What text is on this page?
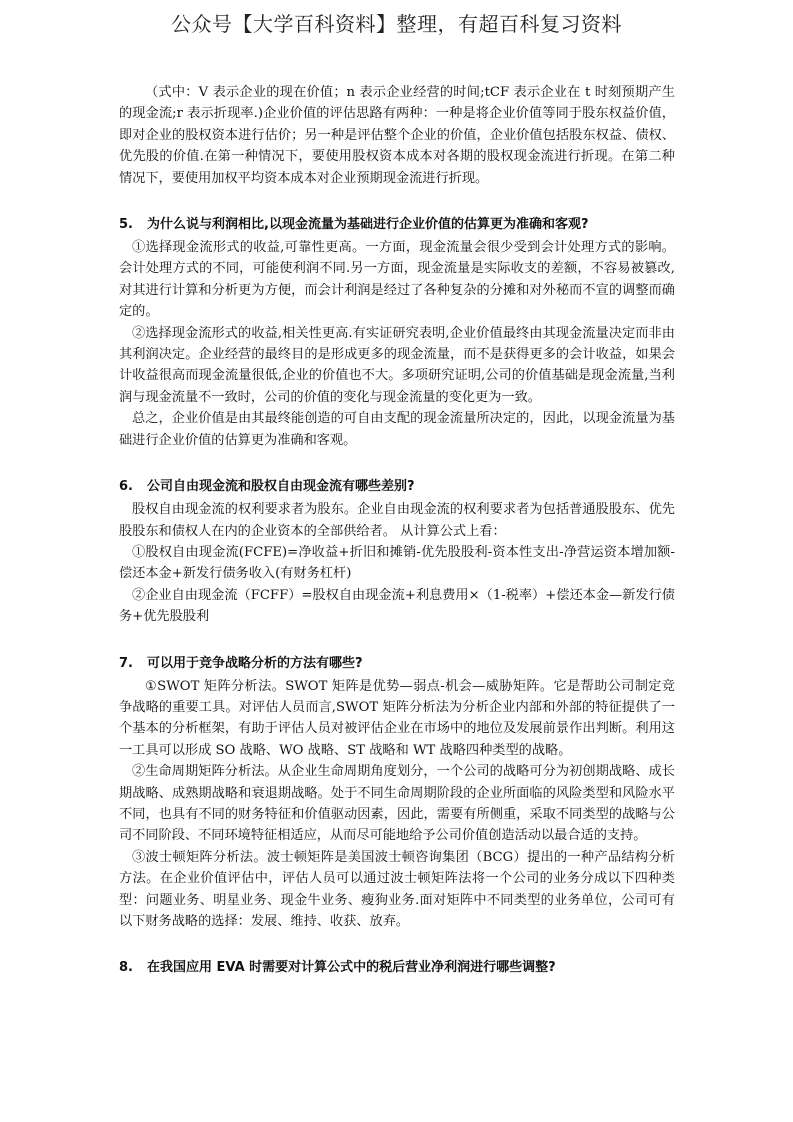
公众号【大学百科资料】整理，有超百科复习资料

（式中：V 表示企业的现在价值；n 表示企业经营的时间;tCF 表示企业在 t 时刻预期产生的现金流;r 表示折现率.)企业价值的评估思路有两种：一种是将企业价值等同于股东权益价值，即对企业的股权资本进行估价；另一种是评估整个企业的价值，企业价值包括股东权益、债权、优先股的价值.在第一种情况下，要使用股权资本成本对各期的股权现金流进行折现。在第二种情况下，要使用加权平均资本成本对企业预期现金流进行折现。

5. 为什么说与利润相比,以现金流量为基础进行企业价值的估算更为准确和客观?

①选择现金流形式的收益,可靠性更高。一方面，现金流量会很少受到会计处理方式的影响。会计处理方式的不同，可能使利润不同.另一方面，现金流量是实际收支的差额，不容易被篡改,对其进行计算和分析更为方便，而会计利润是经过了各种复杂的分摊和对外秘而不宣的调整而确定的。

②选择现金流形式的收益,相关性更高.有实证研究表明,企业价值最终由其现金流量决定而非由其利润决定。企业经营的最终目的是形成更多的现金流量，而不是获得更多的会计收益，如果会计收益很高而现金流量很低,企业的价值也不大。多项研究证明,公司的价值基础是现金流量,当利润与现金流量不一致时，公司的价值的变化与现金流量的变化更为一致。

总之，企业价值是由其最终能创造的可自由支配的现金流量所决定的，因此，以现金流量为基础进行企业价值的估算更为准确和客观。

6. 公司自由现金流和股权自由现金流有哪些差别?

股权自由现金流的权利要求者为股东。企业自由现金流的权利要求者为包括普通股股东、优先股股东和债权人在内的企业资本的全部供给者。 从计算公式上看：

①股权自由现金流(FCFE)=净收益+折旧和摊销-优先股股利-资本性支出-净营运资本增加额-偿还本金+新发行债务收入(有财务杠杆)

②企业自由现金流（FCFF）=股权自由现金流+利息费用×（1-税率）+偿还本金—新发行债务+优先股股利

7. 可以用于竞争战略分析的方法有哪些?

①SWOT 矩阵分析法。SWOT 矩阵是优势—弱点-机会—威胁矩阵。它是帮助公司制定竞争战略的重要工具。对评估人员而言,SWOT 矩阵分析法为分析企业内部和外部的特征提供了一个基本的分析框架，有助于评估人员对被评估企业在市场中的地位及发展前景作出判断。利用这一工具可以形成 SO 战略、WO 战略、ST 战略和 WT 战略四种类型的战略。

②生命周期矩阵分析法。从企业生命周期角度划分，一个公司的战略可分为初创期战略、成长 期战略、成熟期战略和衰退期战略。处于不同生命周期阶段的企业所面临的风险类型和风险水平不同，也具有不同的财务特征和价值驱动因素，因此，需要有所侧重，采取不同类型的战略与公司不同阶段、不同环境特征相适应，从而尽可能地给予公司价值创造活动以最合适的支持。

③波士顿矩阵分析法。波士顿矩阵是美国波士顿咨询集团（BCG）提出的一种产品结构分析方法。在企业价值评估中，评估人员可以通过波士顿矩阵法将一个公司的业务分成以下四种类型：问题业务、明星业务、现金牛业务、瘦狗业务.面对矩阵中不同类型的业务单位，公司可有以下财务战略的选择：发展、维持、收获、放弃。

8. 在我国应用 EVA 时需要对计算公式中的税后营业净利润进行哪些调整?
